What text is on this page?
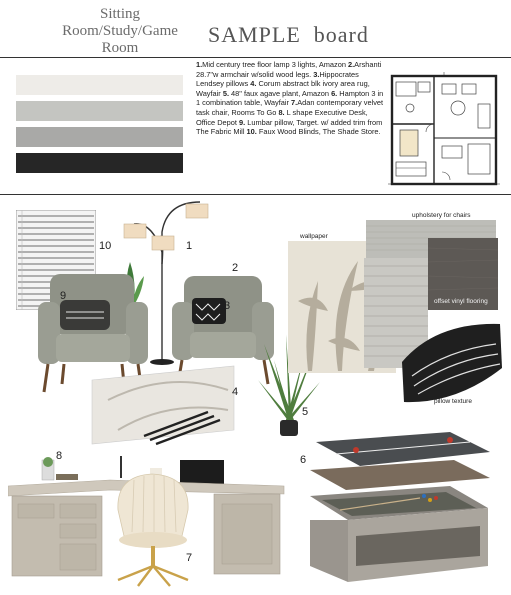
Sitting
Room/Study/Game
Room
SAMPLE  board
1.Mid century tree floor lamp 3 lights, Amazon 2.Arshanti 28.7"w armchair w/solid wood legs. 3.Hippocrates Lendsey pillows 4. Corum abstract blk ivory area rug, Wayfair 5. 48" faux agave plant, Amazon 6. Hampton 3 in 1 combination table, Wayfair 7.Adan contemporary velvet task chair, Rooms To Go 8. L shape Executive Desk, Office Depot 9. Lumbar pillow, Target. w/ added trim from The Fabric Mill 10. Faux Wood Blinds, The Shade Store.
10	1
9
2
3
4
5
wallpaper
upholstery for chairs
offset vinyl flooring
pillow texture
6
8
7
